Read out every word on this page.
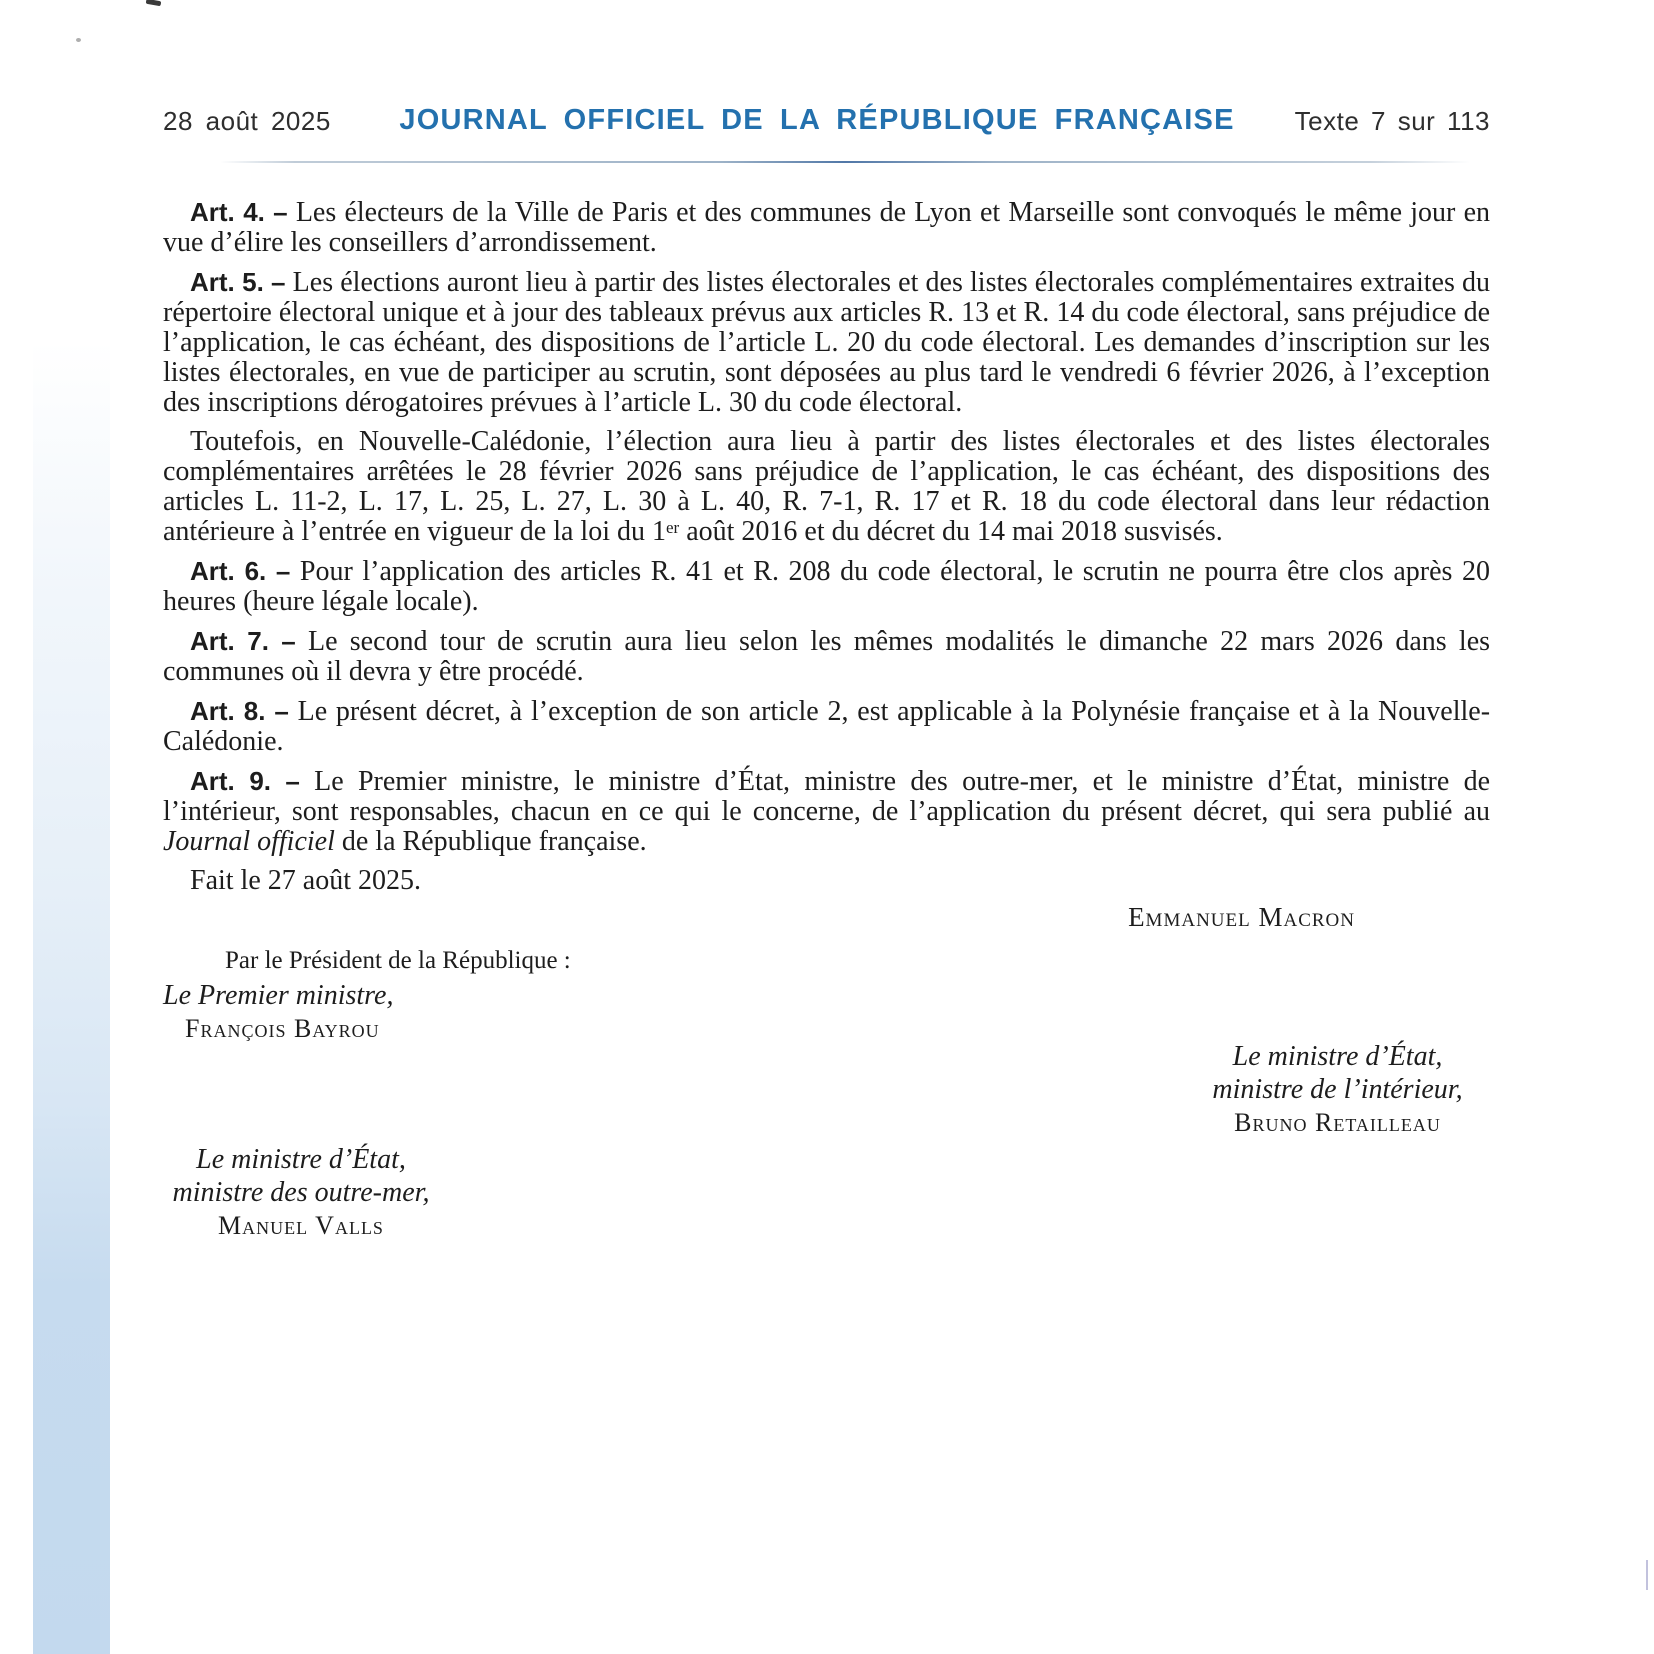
28 août 2025	JOURNAL OFFICIEL DE LA RÉPUBLIQUE FRANÇAISE	Texte 7 sur 113

Art. 4. – Les électeurs de la Ville de Paris et des communes de Lyon et Marseille sont convoqués le même jour en vue d’élire les conseillers d’arrondissement.

Art. 5. – Les élections auront lieu à partir des listes électorales et des listes électorales complémentaires extraites du répertoire électoral unique et à jour des tableaux prévus aux articles R. 13 et R. 14 du code électoral, sans préjudice de l’application, le cas échéant, des dispositions de l’article L. 20 du code électoral. Les demandes d’inscription sur les listes électorales, en vue de participer au scrutin, sont déposées au plus tard le vendredi 6 février 2026, à l’exception des inscriptions dérogatoires prévues à l’article L. 30 du code électoral.

Toutefois, en Nouvelle-Calédonie, l’élection aura lieu à partir des listes électorales et des listes électorales complémentaires arrêtées le 28 février 2026 sans préjudice de l’application, le cas échéant, des dispositions des articles L. 11-2, L. 17, L. 25, L. 27, L. 30 à L. 40, R. 7-1, R. 17 et R. 18 du code électoral dans leur rédaction antérieure à l’entrée en vigueur de la loi du 1er août 2016 et du décret du 14 mai 2018 susvisés.

Art. 6. – Pour l’application des articles R. 41 et R. 208 du code électoral, le scrutin ne pourra être clos après 20 heures (heure légale locale).

Art. 7. – Le second tour de scrutin aura lieu selon les mêmes modalités le dimanche 22 mars 2026 dans les communes où il devra y être procédé.

Art. 8. – Le présent décret, à l’exception de son article 2, est applicable à la Polynésie française et à la Nouvelle-Calédonie.

Art. 9. – Le Premier ministre, le ministre d’État, ministre des outre-mer, et le ministre d’État, ministre de l’intérieur, sont responsables, chacun en ce qui le concerne, de l’application du présent décret, qui sera publié au Journal officiel de la République française.

Fait le 27 août 2025.

Emmanuel Macron
Par le Président de la République :
Le Premier ministre,
François Bayrou
Le ministre d’État,
ministre de l’intérieur,
Bruno Retailleau
Le ministre d’État,
ministre des outre-mer,
Manuel Valls
